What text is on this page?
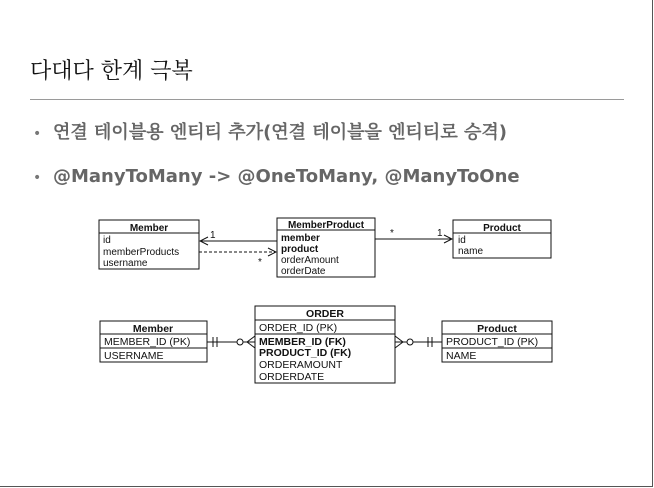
다대다 한계 극복
• 연결 테이블용 엔티티 추가(연결 테이블을 엔티티로 승격)
• @ManyToMany -> @OneToMany, @ManyToOne
Member
id
memberProducts
username
MemberProduct
member
product
orderAmount
orderDate
Product
id
name
1
*
*	1
Member
MEMBER_ID (PK)
USERNAME
ORDER
ORDER_ID (PK)
MEMBER_ID (FK)
PRODUCT_ID (FK)
ORDERAMOUNT
ORDERDATE
Product
PRODUCT_ID (PK)
NAME
